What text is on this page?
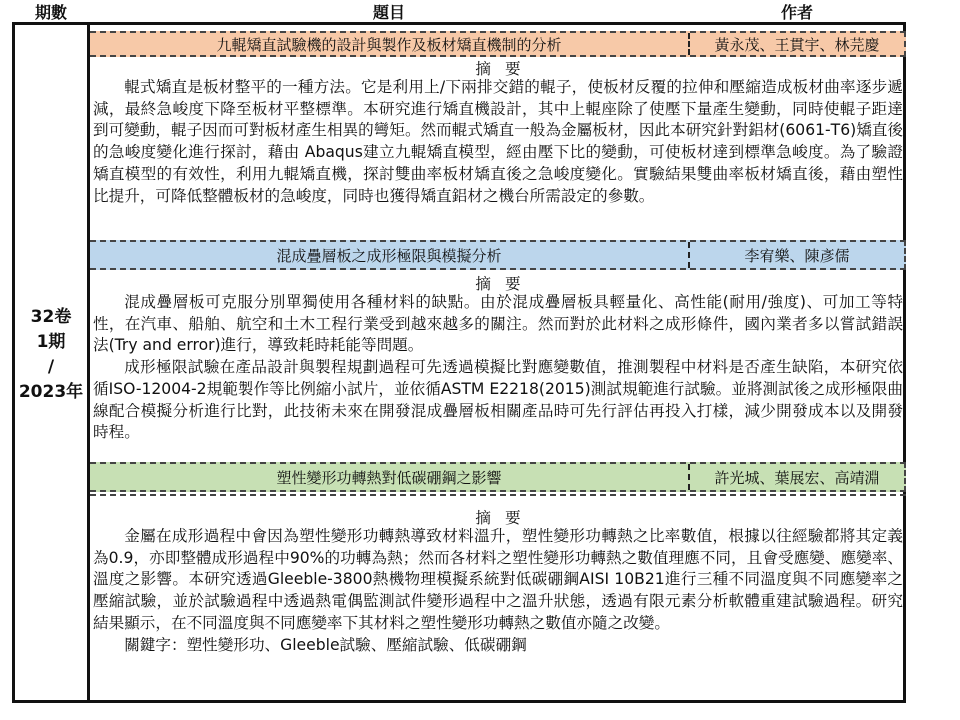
期數	題目	作者
32卷
1期
/
2023年
九輥矯直試驗機的設計與製作及板材矯直機制的分析	黃永茂、王貫宇、林芫慶
摘要

輥式矯直是板材整平的一種方法。它是利用上/下兩排交錯的輥子，使板材反覆的拉伸和壓縮造成板材曲率逐步遞減，最終急峻度下降至板材平整標準。本研究進行矯直機設計，其中上輥座除了使壓下量產生變動，同時使輥子距達到可變動，輥子因而可對板材產生相異的彎矩。然而輥式矯直一般為金屬板材，因此本研究針對鋁材(6061-T6)矯直後的急峻度變化進行探討，藉由 Abaqus建立九輥矯直模型，經由壓下比的變動，可使板材達到標準急峻度。為了驗證矯直模型的有效性，利用九輥矯直機，探討雙曲率板材矯直後之急峻度變化。實驗結果雙曲率板材矯直後，藉由塑性比提升，可降低整體板材的急峻度，同時也獲得矯直鋁材之機台所需設定的參數。

混成疊層板之成形極限與模擬分析	李宥樂、陳彥儒
摘要

混成疊層板可克服分別單獨使用各種材料的缺點。由於混成疊層板具輕量化、高性能(耐用/強度)、可加工等特性，在汽車、船舶、航空和土木工程行業受到越來越多的關注。然而對於此材料之成形條件，國內業者多以嘗試錯誤法(Try and error)進行，導致耗時耗能等問題。

成形極限試驗在產品設計與製程規劃過程可先透過模擬比對應變數值，推測製程中材料是否產生缺陷，本研究依循ISO-12004-2規範製作等比例縮小試片，並依循ASTM E2218(2015)測試規範進行試驗。並將測試後之成形極限曲線配合模擬分析進行比對，此技術未來在開發混成疊層板相關產品時可先行評估再投入打樣，減少開發成本以及開發時程。

塑性變形功轉熱對低碳硼鋼之影響	許光城、葉展宏、高靖淵
摘要

金屬在成形過程中會因為塑性變形功轉熱導致材料溫升，塑性變形功轉熱之比率數值，根據以往經驗都將其定義為0.9，亦即整體成形過程中90%的功轉為熱；然而各材料之塑性變形功轉熱之數值理應不同，且會受應變、應變率、溫度之影響。本研究透過Gleeble-3800熱機物理模擬系統對低碳硼鋼AISI 10B21進行三種不同溫度與不同應變率之壓縮試驗，並於試驗過程中透過熱電偶監測試件變形過程中之溫升狀態，透過有限元素分析軟體重建試驗過程。研究結果顯示，在不同溫度與不同應變率下其材料之塑性變形功轉熱之數值亦隨之改變。

關鍵字：塑性變形功、Gleeble試驗、壓縮試驗、低碳硼鋼
